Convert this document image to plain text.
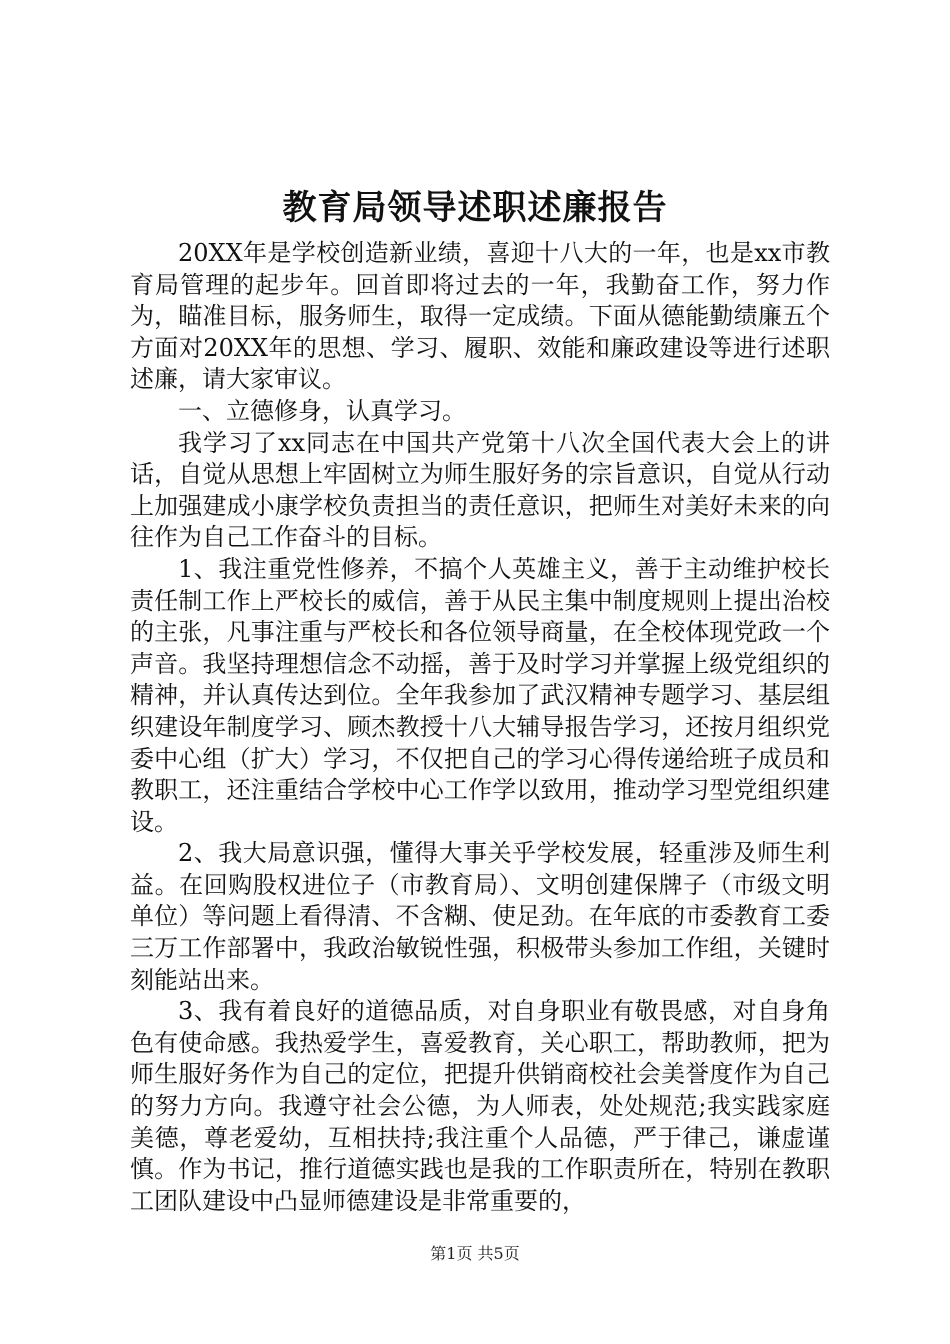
教育局领导述职述廉报告

20XX年是学校创造新业绩，喜迎十八大的一年，也是xx市教育局管理的起步年。回首即将过去的一年，我勤奋工作，努力作为，瞄准目标，服务师生，取得一定成绩。下面从德能勤绩廉五个方面对20XX年的思想、学习、履职、效能和廉政建设等进行述职述廉，请大家审议。

一、立德修身，认真学习。

我学习了xx同志在中国共产党第十八次全国代表大会上的讲话，自觉从思想上牢固树立为师生服好务的宗旨意识，自觉从行动上加强建成小康学校负责担当的责任意识，把师生对美好未来的向往作为自己工作奋斗的目标。

1、我注重党性修养，不搞个人英雄主义，善于主动维护校长责任制工作上严校长的威信，善于从民主集中制度规则上提出治校的主张，凡事注重与严校长和各位领导商量，在全校体现党政一个声音。我坚持理想信念不动摇，善于及时学习并掌握上级党组织的精神，并认真传达到位。全年我参加了武汉精神专题学习、基层组织建设年制度学习、顾杰教授十八大辅导报告学习，还按月组织党委中心组（扩大）学习，不仅把自己的学习心得传递给班子成员和教职工，还注重结合学校中心工作学以致用，推动学习型党组织建设。

2、我大局意识强，懂得大事关乎学校发展，轻重涉及师生利益。在回购股权进位子（市教育局）、文明创建保牌子（市级文明单位）等问题上看得清、不含糊、使足劲。在年底的市委教育工委三万工作部署中，我政治敏锐性强，积极带头参加工作组，关键时刻能站出来。

3、我有着良好的道德品质，对自身职业有敬畏感，对自身角色有使命感。我热爱学生，喜爱教育，关心职工，帮助教师，把为师生服好务作为自己的定位，把提升供销商校社会美誉度作为自己的努力方向。我遵守社会公德，为人师表，处处规范;我实践家庭美德，尊老爱幼，互相扶持;我注重个人品德，严于律己，谦虚谨慎。作为书记，推行道德实践也是我的工作职责所在，特别在教职工团队建设中凸显师德建设是非常重要的，

第1页 共5页
